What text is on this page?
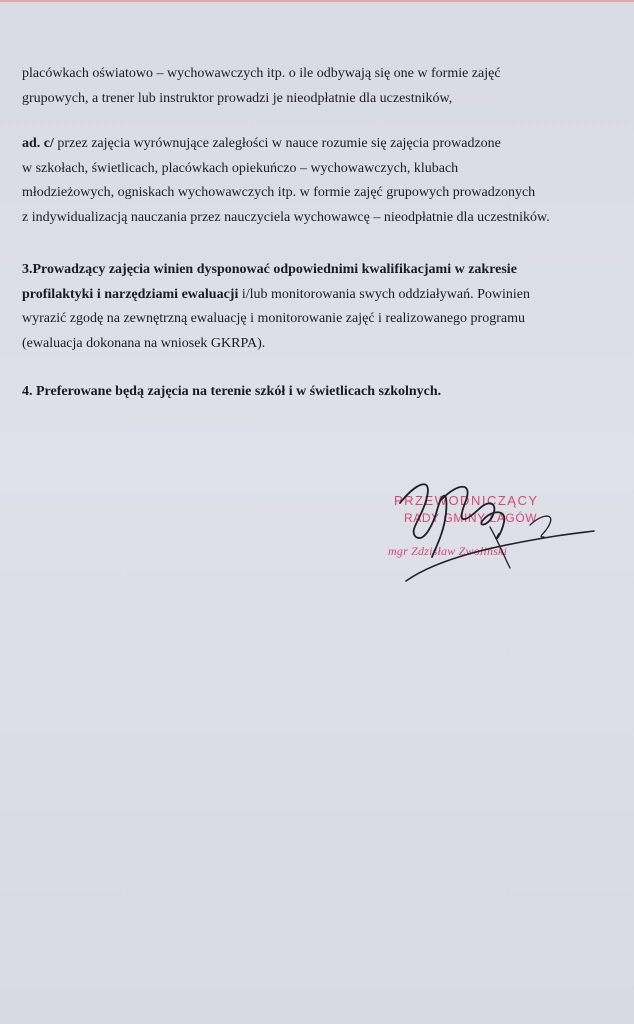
placówkach oświatowo – wychowawczych itp. o ile odbywają się one w formie zajęć
grupowych, a trener lub instruktor prowadzi je nieodpłatnie dla uczestników,
ad. c/ przez zajęcia wyrównujące zaległości w nauce rozumie się zajęcia prowadzone
w szkołach, świetlicach, placówkach opiekuńczo – wychowawczych, klubach
młodzieżowych, ogniskach wychowawczych itp. w formie zajęć grupowych prowadzonych
z indywidualizacją nauczania przez nauczyciela wychowawcę – nieodpłatnie dla uczestników.
3.Prowadzący zajęcia winien dysponować odpowiednimi kwalifikacjami w zakresie
profilaktyki i narzędziami ewaluacji i/lub monitorowania swych oddziaływań. Powinien
wyrazić zgodę na zewnętrzną ewaluację i monitorowanie zajęć i realizowanego programu
(ewaluacja dokonana na wniosek GKRPA).
4. Preferowane będą zajęcia na terenie szkół i w świetlicach szkolnych.
PRZEWODNICZĄCY
RADY GMINY ŁAGÓW
mgr Zdzisław Zwoliński
